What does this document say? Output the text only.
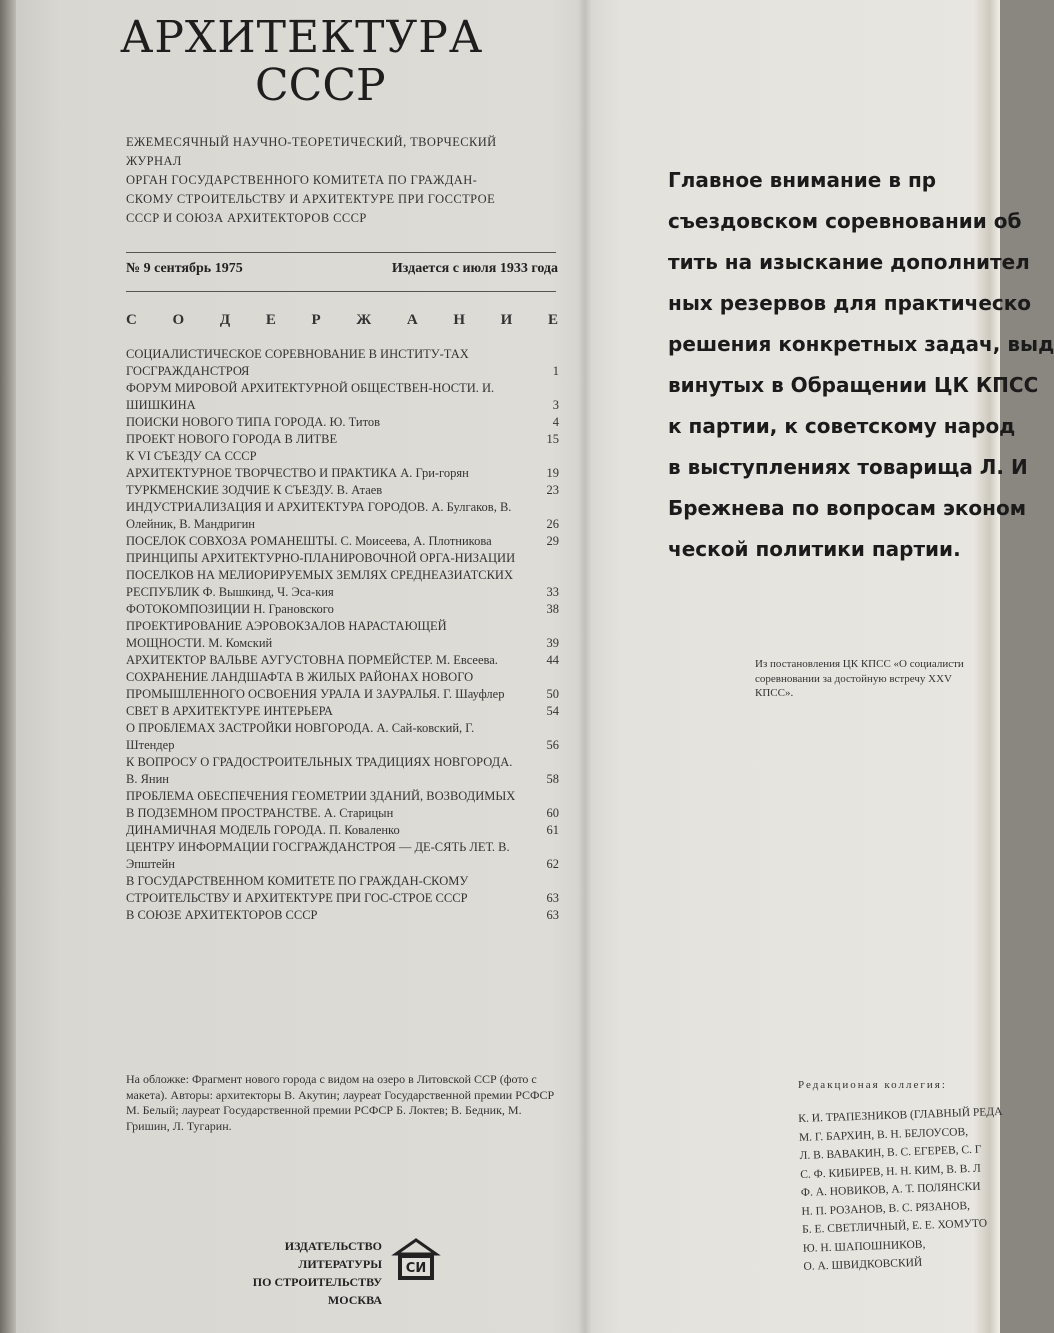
АРХИТЕКТУРА
СССР
ЕЖЕМЕСЯЧНЫЙ НАУЧНО-ТЕОРЕТИЧЕСКИЙ, ТВОРЧЕСКИЙ
ЖУРНАЛ
ОРГАН ГОСУДАРСТВЕННОГО КОМИТЕТА ПО ГРАЖДАН-
СКОМУ СТРОИТЕЛЬСТВУ И АРХИТЕКТУРЕ ПРИ ГОССТРОЕ
СССР И СОЮЗА АРХИТЕКТОРОВ СССР
№ 9 сентябрь 1975	Издается с июля 1933 года
С О Д Е Р Ж А Н И Е
СОЦИАЛИСТИЧЕСКОЕ СОРЕВНОВАНИЕ В ИНСТИТУ-ТАХ ГОСГРАЖДАНСТРОЯ	1
ФОРУМ МИРОВОЙ АРХИТЕКТУРНОЙ ОБЩЕСТВЕН-НОСТИ. И. ШИШКИНА	3
ПОИСКИ НОВОГО ТИПА ГОРОДА. Ю. Титов	4
ПРОЕКТ НОВОГО ГОРОДА В ЛИТВЕ	15
К VI СЪЕЗДУ СА СССР
АРХИТЕКТУРНОЕ ТВОРЧЕСТВО И ПРАКТИКА А. Гри-горян	19
ТУРКМЕНСКИЕ ЗОДЧИЕ К СЪЕЗДУ. В. Атаев	23
ИНДУСТРИАЛИЗАЦИЯ И АРХИТЕКТУРА ГОРОДОВ. А. Булгаков, В. Олейник, В. Мандригин	26
ПОСЕЛОК СОВХОЗА РОМАНЕШТЫ. С. Моисеева, А. Плотникова	29
ПРИНЦИПЫ АРХИТЕКТУРНО-ПЛАНИРОВОЧНОЙ ОРГА-НИЗАЦИИ ПОСЕЛКОВ НА МЕЛИОРИРУЕМЫХ ЗЕМЛЯХ СРЕДНЕАЗИАТСКИХ РЕСПУБЛИК Ф. Вышкинд, Ч. Эса-кия	33
ФОТОКОМПОЗИЦИИ Н. Грановского	38
ПРОЕКТИРОВАНИЕ АЭРОВОКЗАЛОВ НАРАСТАЮЩЕЙ МОЩНОСТИ. М. Комский	39
АРХИТЕКТОР ВАЛЬВЕ АУГУСТОВНА ПОРМЕЙСТЕР. М. Евсеева.	44
СОХРАНЕНИЕ ЛАНДШАФТА В ЖИЛЫХ РАЙОНАХ НОВОГО ПРОМЫШЛЕННОГО ОСВОЕНИЯ УРАЛА И ЗАУРАЛЬЯ. Г. Шауфлер	50
СВЕТ В АРХИТЕКТУРЕ ИНТЕРЬЕРА	54
О ПРОБЛЕМАХ ЗАСТРОЙКИ НОВГОРОДА. А. Сай-ковский, Г. Штендер	56
К ВОПРОСУ О ГРАДОСТРОИТЕЛЬНЫХ ТРАДИЦИЯХ НОВГОРОДА. В. Янин	58
ПРОБЛЕМА ОБЕСПЕЧЕНИЯ ГЕОМЕТРИИ ЗДАНИЙ, ВОЗВОДИМЫХ В ПОДЗЕМНОМ ПРОСТРАНСТВЕ. А. Старицын	60
ДИНАМИЧНАЯ МОДЕЛЬ ГОРОДА. П. Коваленко	61
ЦЕНТРУ ИНФОРМАЦИИ ГОСГРАЖДАНСТРОЯ — ДЕ-СЯТЬ ЛЕТ. В. Эпштейн	62
В ГОСУДАРСТВЕННОМ КОМИТЕТЕ ПО ГРАЖДАН-СКОМУ СТРОИТЕЛЬСТВУ И АРХИТЕКТУРЕ ПРИ ГОС-СТРОЕ СССР	63
В СОЮЗЕ АРХИТЕКТОРОВ СССР	63
На обложке: Фрагмент нового города с видом на озеро в Литовской ССР (фото с макета). Авторы: архитекторы В. Акутин; лауреат Государственной премии РСФСР М. Белый; лауреат Государственной премии РСФСР Б. Локтев; В. Бедник, М. Гришин, Л. Тугарин.
ИЗДАТЕЛЬСТВО
ЛИТЕРАТУРЫ
ПО СТРОИТЕЛЬСТВУ
МОСКВА
СИ
Главное внимание в пр
съездовском соревновании об
тить на изыскание дополнител
ных резервов для практическо
решения конкретных задач, выд
винутых в Обращении ЦК КПСС
к партии, к советскому народ
в выступлениях товарища Л. И
Брежнева по вопросам эконом
ческой политики партии.
Из постановления ЦК КПСС «О социалисти
соревновании за достойную встречу XXV
КПСС».
Редакционая коллегия:
К. И. ТРАПЕЗНИКОВ (ГЛАВНЫЙ РЕДА
М. Г. БАРХИН, В. Н. БЕЛОУСОВ,
Л. В. ВАВАКИН, В. С. ЕГЕРЕВ, С. Г
С. Ф. КИБИРЕВ, Н. Н. КИМ, В. В. Л
Ф. А. НОВИКОВ, А. Т. ПОЛЯНСКИ
Н. П. РОЗАНОВ, В. С. РЯЗАНОВ,
Б. Е. СВЕТЛИЧНЫЙ, Е. Е. ХОМУТО
Ю. Н. ШАПОШНИКОВ,
О. А. ШВИДКОВСКИЙ
